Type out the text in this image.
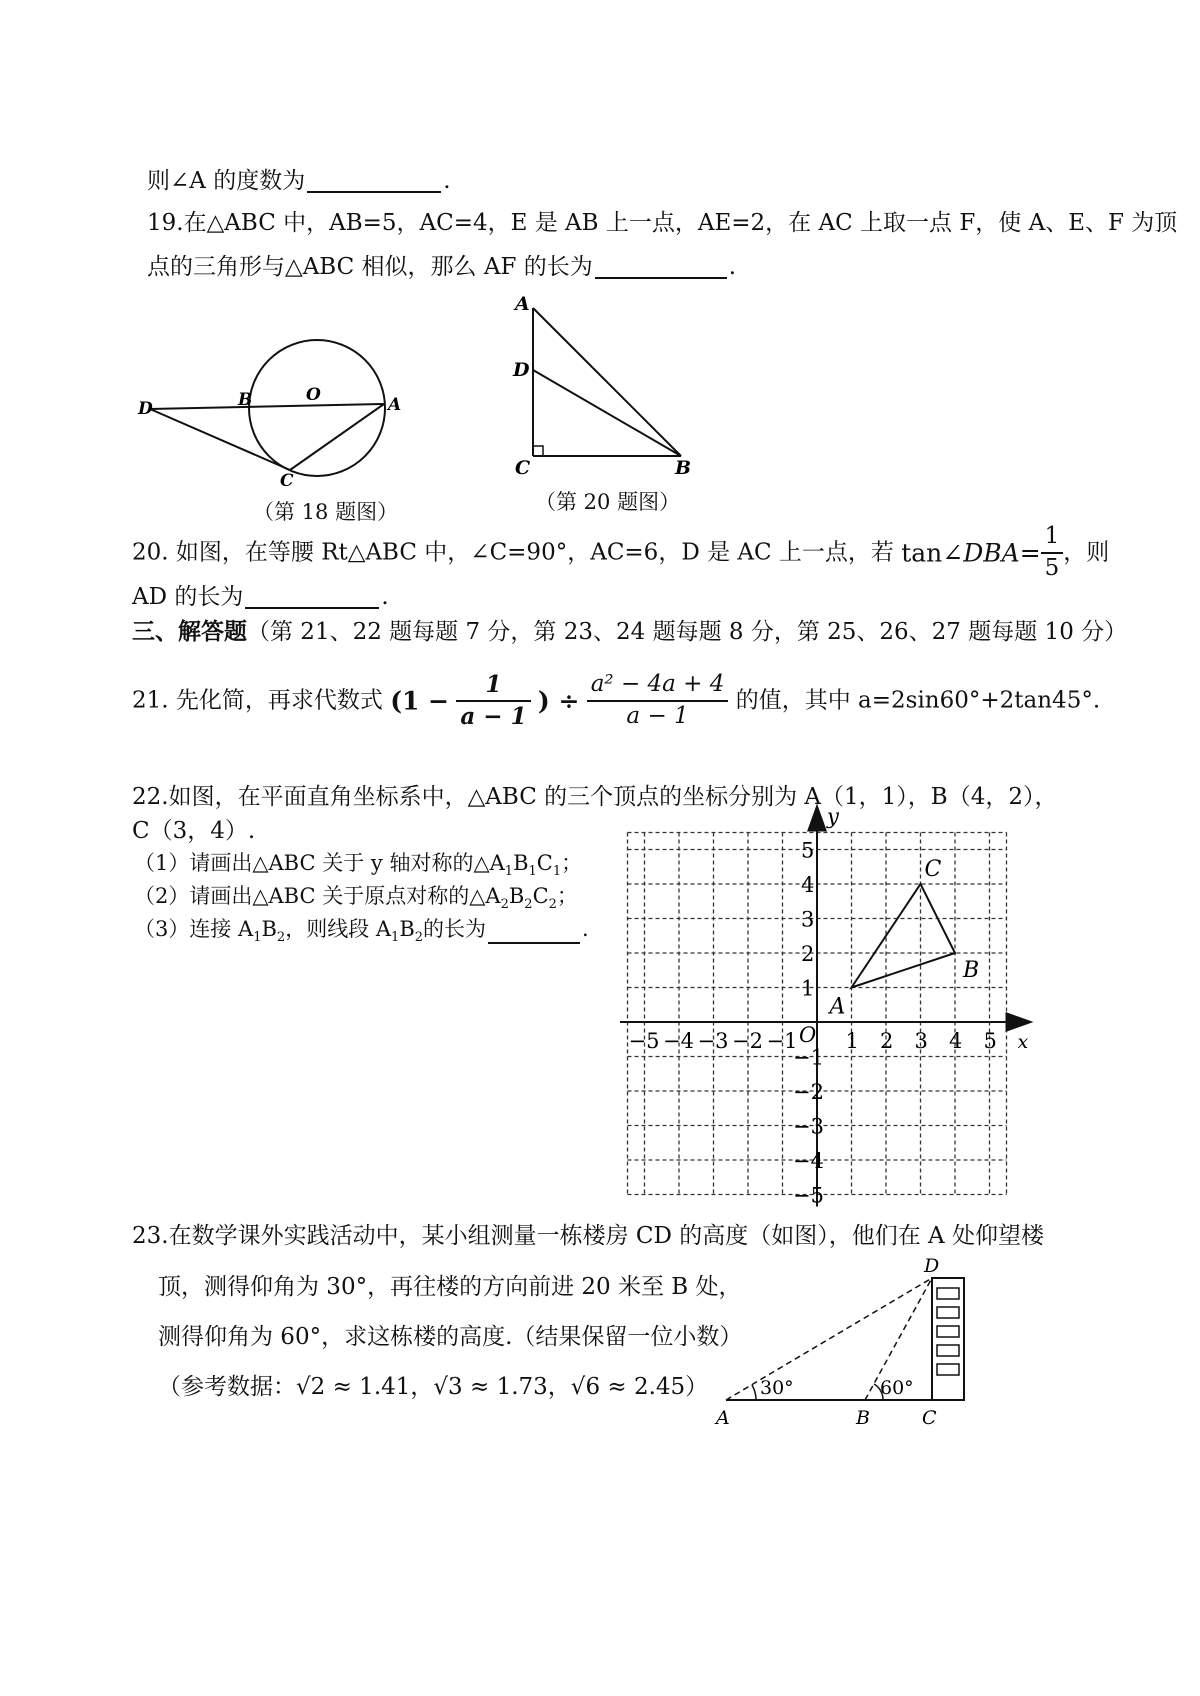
则∠A 的度数为	.
19.在△ABC 中，AB=5，AC=4，E 是 AB 上一点，AE=2，在 AC 上取一点 F，使 A、E、F 为顶
点的三角形与△ABC 相似，那么 AF 的长为	.
D	B	O	A
C
（第 18 题图）
A
D
C	B
（第 20 题图）
20. 如图，在等腰 Rt△ABC 中，∠C=90°，AC=6，D 是 AC 上一点，若 tan∠DBA= $\frac{1}{5}$ ，则
AD 的长为	.
三、解答题（第 21、22 题每题 7 分，第 23、24 题每题 8 分，第 25、26、27 题每题 10 分）
21. 先化简，再求代数式 ($1 - \frac{1}{a - 1}$ ) ÷ $\frac{\text{a² − 4a + 4}}{a - 1}$ 的值，其中 a=2sin60°+2tan45°.
22.如图，在平面直角坐标系中，△ABC 的三个顶点的坐标分别为 A（1，1），B（4，2），
C（3，4）.
（1）请画出△ABC 关于 y 轴对称的$\triangle A_1B_1C_1$；
（2）请画出△ABC 关于原点对称的$\triangle A_2B_2C_2$；
（3）连接 $A_1B_2$，则线段 $A_1B_2$的长为	.
x
y
O
−5 −4 −3 −2 −1 1 2 3 4 5
5
4
3
2
1
−1
−2
−3
−4
−5
A
B
C
23.在数学课外实践活动中，某小组测量一栋楼房 CD 的高度（如图），他们在 A 处仰望楼
顶，测得仰角为 30°，再往楼的方向前进 20 米至 B 处，
测得仰角为 60°，求这栋楼的高度.（结果保留一位小数）
（参考数据：√2 ≈ 1.41，√3 ≈ 1.73，√6 ≈ 2.45）	30°	60°
A	B	C
D
